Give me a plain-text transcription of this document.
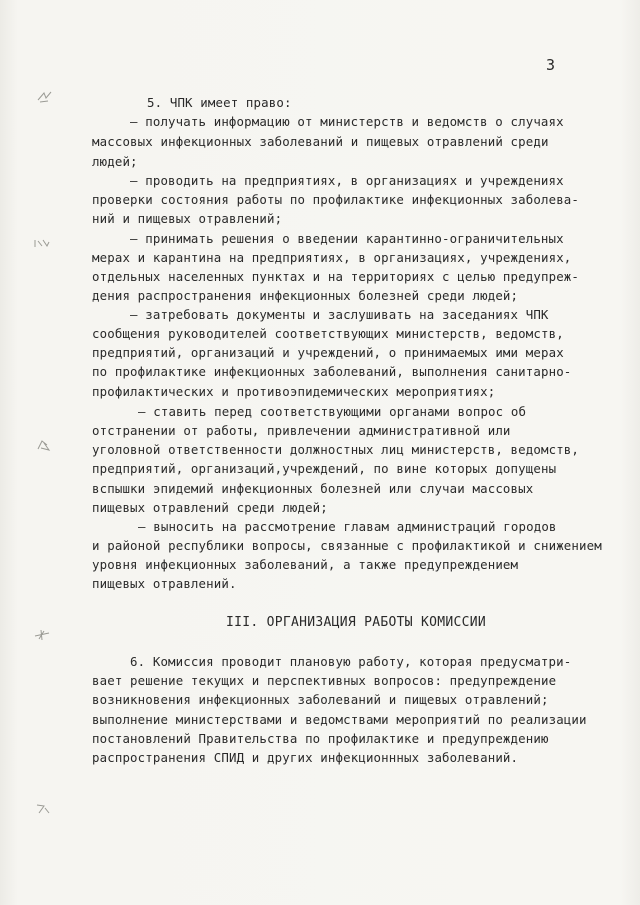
3
5. ЧПК имеет право:
– получать информацию от министерств и ведомств о случаях
массовых инфекционных заболеваний и пищевых отравлений среди
людей;
– проводить на предприятиях, в организациях и учреждениях
проверки состояния работы по профилактике инфекционных заболева-
ний и пищевых отравлений;
– принимать решения о введении карантинно-ограничительных
мерах и карантина на предприятиях, в организациях, учреждениях,
отдельных населенных пунктах и на территориях с целью предупреж-
дения распространения инфекционных болезней среди людей;
– затребовать документы и заслушивать на заседаниях ЧПК
сообщения руководителей соответствующих министерств, ведомств,
предприятий, организаций и учреждений, о принимаемых ими мерах
по профилактике инфекционных заболеваний, выполнения санитарно-
профилактических и противоэпидемических мероприятиях;
– ставить перед соответствующими органами вопрос об
отстранении от работы, привлечении административной или
уголовной ответственности должностных лиц министерств, ведомств,
предприятий, организаций,учреждений, по вине которых допущены
вспышки эпидемий инфекционных болезней или случаи массовых
пищевых отравлений среди людей;
– выносить на рассмотрение главам администраций городов
и районой республики вопросы, связанные с профилактикой и снижением
уровня инфекционных заболеваний, а также предупреждением
пищевых отравлений.
III. ОРГАНИЗАЦИЯ РАБОТЫ КОМИССИИ
6. Комиссия проводит плановую работу, которая предусматри-
вает решение текущих и перспективных вопросов: предупреждение
возникновения инфекционных заболеваний и пищевых отравлений;
выполнение министерствами и ведомствами мероприятий по реализации
постановлений Правительства по профилактике и предупреждению
распространения СПИД и других инфекционнных заболеваний.
